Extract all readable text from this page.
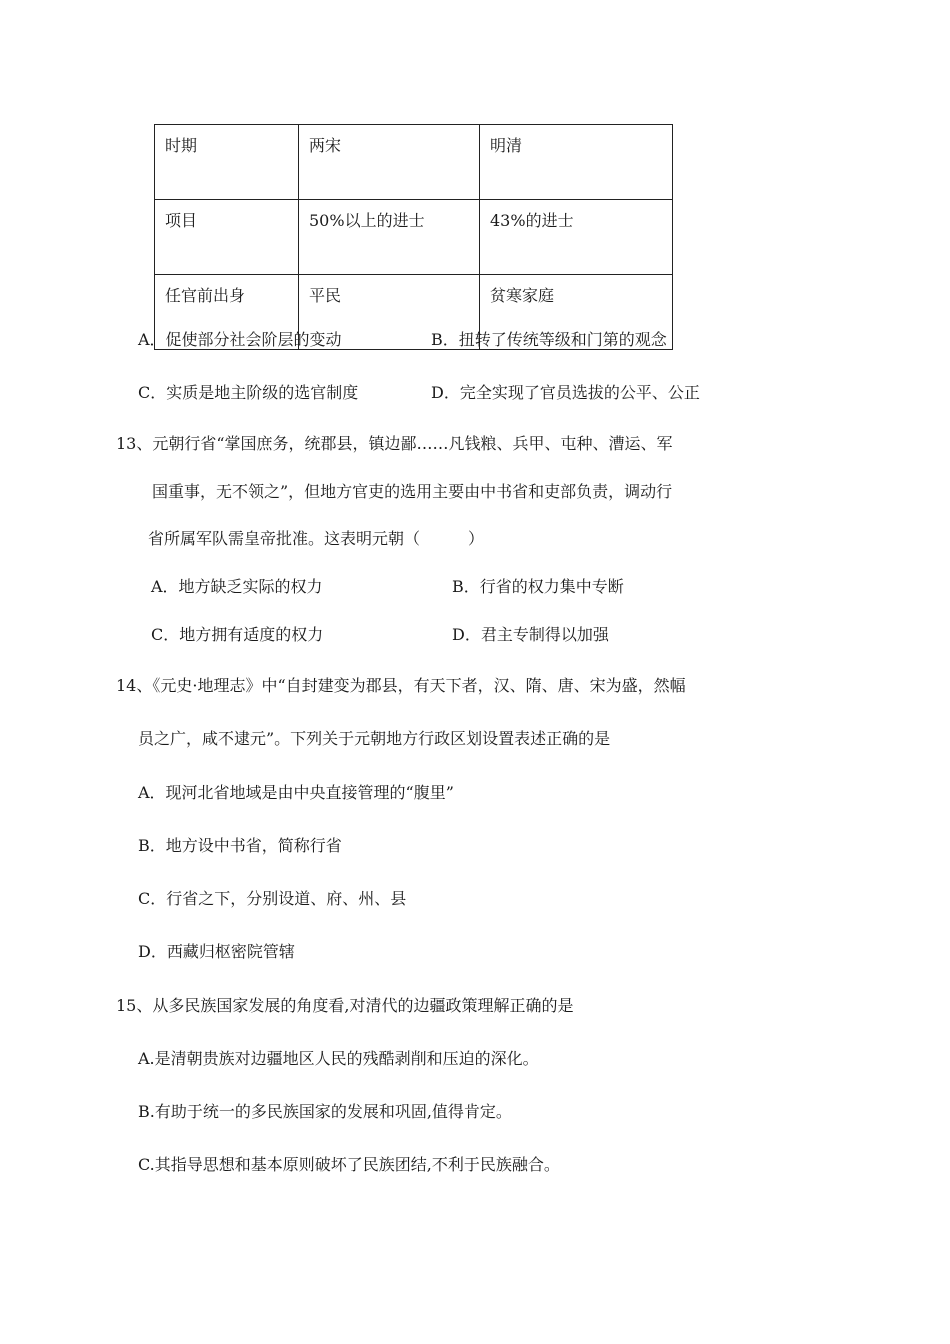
时期	两宋	明清
项目	50%以上的进士	43%的进士
任官前出身	平民	贫寒家庭
A．促使部分社会阶层的变动	B．扭转了传统等级和门第的观念
C．实质是地主阶级的选官制度	D．完全实现了官员选拔的公平、公正
13、元朝行省“掌国庶务，统郡县，镇边鄙……凡钱粮、兵甲、屯种、漕运、军
国重事，无不领之”，但地方官吏的选用主要由中书省和吏部负责，调动行
省所属军队需皇帝批准。这表明元朝（　　　）
A．地方缺乏实际的权力	B．行省的权力集中专断
C．地方拥有适度的权力	D．君主专制得以加强
14、《元史·地理志》中“自封建变为郡县，有天下者，汉、隋、唐、宋为盛，然幅
员之广，咸不逮元”。下列关于元朝地方行政区划设置表述正确的是
A．现河北省地域是由中央直接管理的“腹里”
B．地方设中书省，简称行省
C．行省之下，分别设道、府、州、县
D．西藏归枢密院管辖
15、从多民族国家发展的角度看,对清代的边疆政策理解正确的是
A.是清朝贵族对边疆地区人民的残酷剥削和压迫的深化。
B.有助于统一的多民族国家的发展和巩固,值得肯定。
C.其指导思想和基本原则破坏了民族团结,不利于民族融合。
